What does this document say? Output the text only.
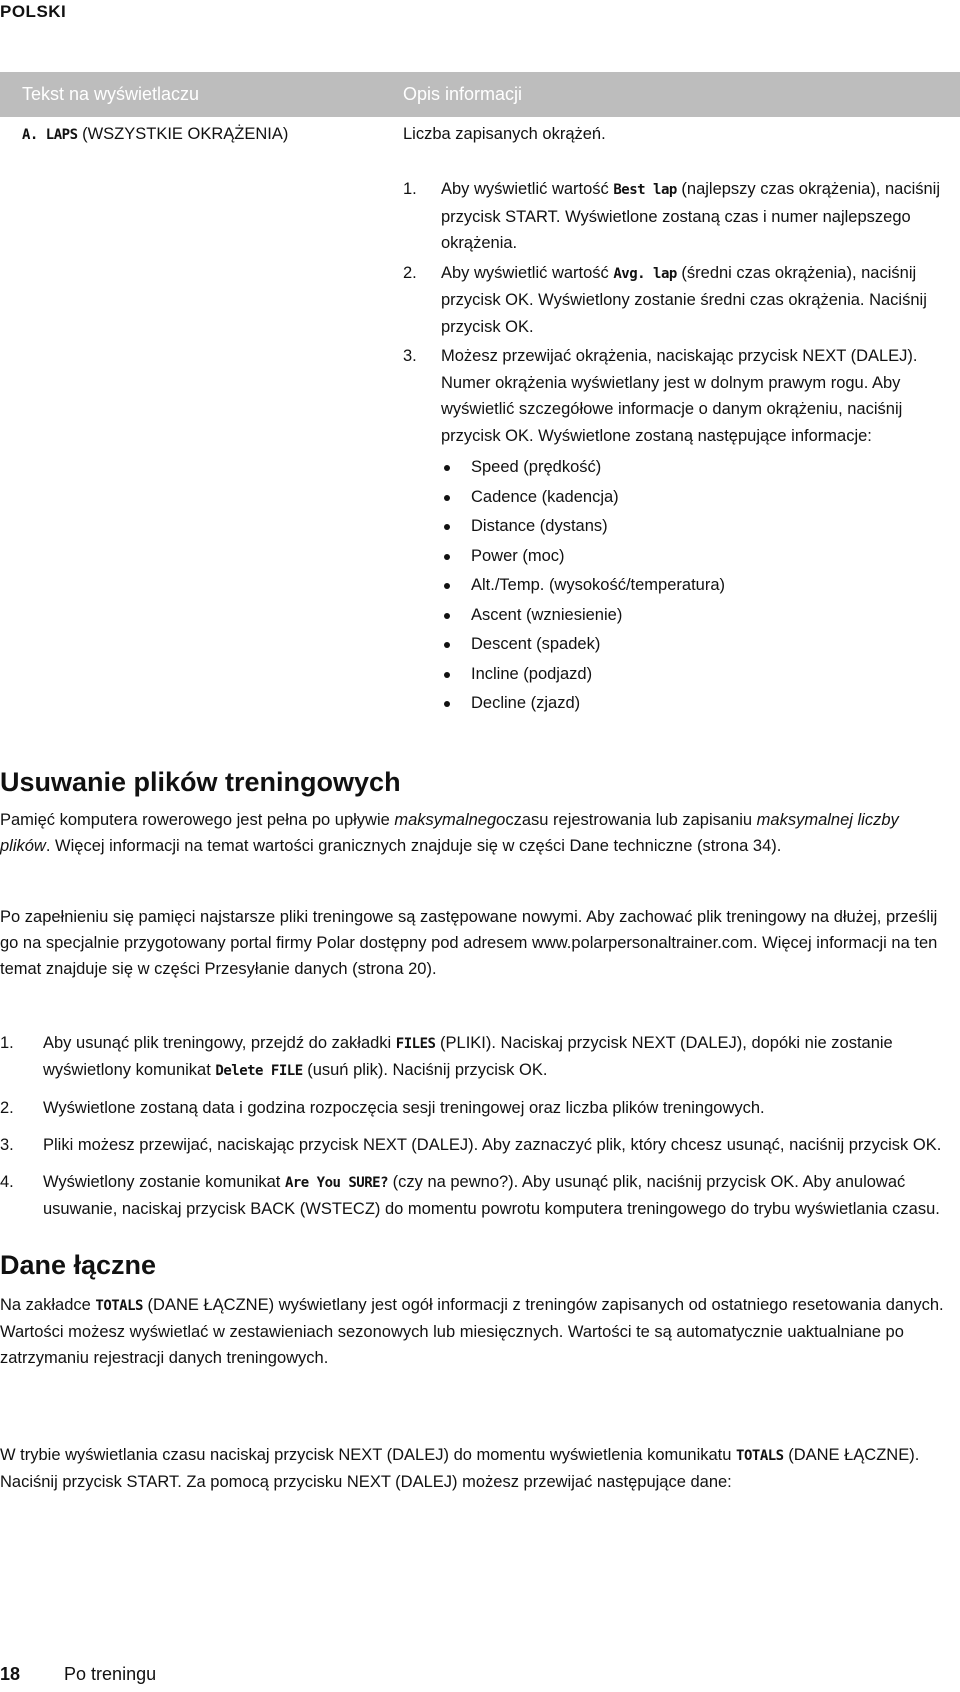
POLSKI
Tekst na wyświetlaczu	Opis informacji
A. LAPS (WSZYSTKIE OKRĄŻENIA)	Liczba zapisanych okrążeń.
1. Aby wyświetlić wartość Best lap (najlepszy czas okrążenia), naciśnij przycisk START. Wyświetlone zostaną czas i numer najlepszego okrążenia.
2. Aby wyświetlić wartość Avg. lap (średni czas okrążenia), naciśnij przycisk OK. Wyświetlony zostanie średni czas okrążenia. Naciśnij przycisk OK.
3. Możesz przewijać okrążenia, naciskając przycisk NEXT (DALEJ). Numer okrążenia wyświetlany jest w dolnym prawym rogu. Aby wyświetlić szczegółowe informacje o danym okrążeniu, naciśnij przycisk OK. Wyświetlone zostaną następujące informacje:
Speed (prędkość)
Cadence (kadencja)
Distance (dystans)
Power (moc)
Alt./Temp. (wysokość/temperatura)
Ascent (wzniesienie)
Descent (spadek)
Incline (podjazd)
Decline (zjazd)
Usuwanie plików treningowych

Pamięć komputera rowerowego jest pełna po upływie maksymalnegoczasu rejestrowania lub zapisaniu maksymalnej liczby plików. Więcej informacji na temat wartości granicznych znajduje się w części Dane techniczne (strona 34).

Po zapełnieniu się pamięci najstarsze pliki treningowe są zastępowane nowymi. Aby zachować plik treningowy na dłużej, prześlij go na specjalnie przygotowany portal firmy Polar dostępny pod adresem www.polarpersonaltrainer.com. Więcej informacji na ten temat znajduje się w części Przesyłanie danych (strona 20).

1. Aby usunąć plik treningowy, przejdź do zakładki FILES (PLIKI). Naciskaj przycisk NEXT (DALEJ), dopóki nie zostanie wyświetlony komunikat Delete FILE (usuń plik). Naciśnij przycisk OK.
2. Wyświetlone zostaną data i godzina rozpoczęcia sesji treningowej oraz liczba plików treningowych.
3. Pliki możesz przewijać, naciskając przycisk NEXT (DALEJ). Aby zaznaczyć plik, który chcesz usunąć, naciśnij przycisk OK.
4. Wyświetlony zostanie komunikat Are You SURE? (czy na pewno?). Aby usunąć plik, naciśnij przycisk OK. Aby anulować usuwanie, naciskaj przycisk BACK (WSTECZ) do momentu powrotu komputera treningowego do trybu wyświetlania czasu.
Dane łączne

Na zakładce TOTALS (DANE ŁĄCZNE) wyświetlany jest ogół informacji z treningów zapisanych od ostatniego resetowania danych. Wartości możesz wyświetlać w zestawieniach sezonowych lub miesięcznych. Wartości te są automatycznie uaktualniane po zatrzymaniu rejestracji danych treningowych.

W trybie wyświetlania czasu naciskaj przycisk NEXT (DALEJ) do momentu wyświetlenia komunikatu TOTALS (DANE ŁĄCZNE). Naciśnij przycisk START. Za pomocą przycisku NEXT (DALEJ) możesz przewijać następujące dane:

18 Po treningu
